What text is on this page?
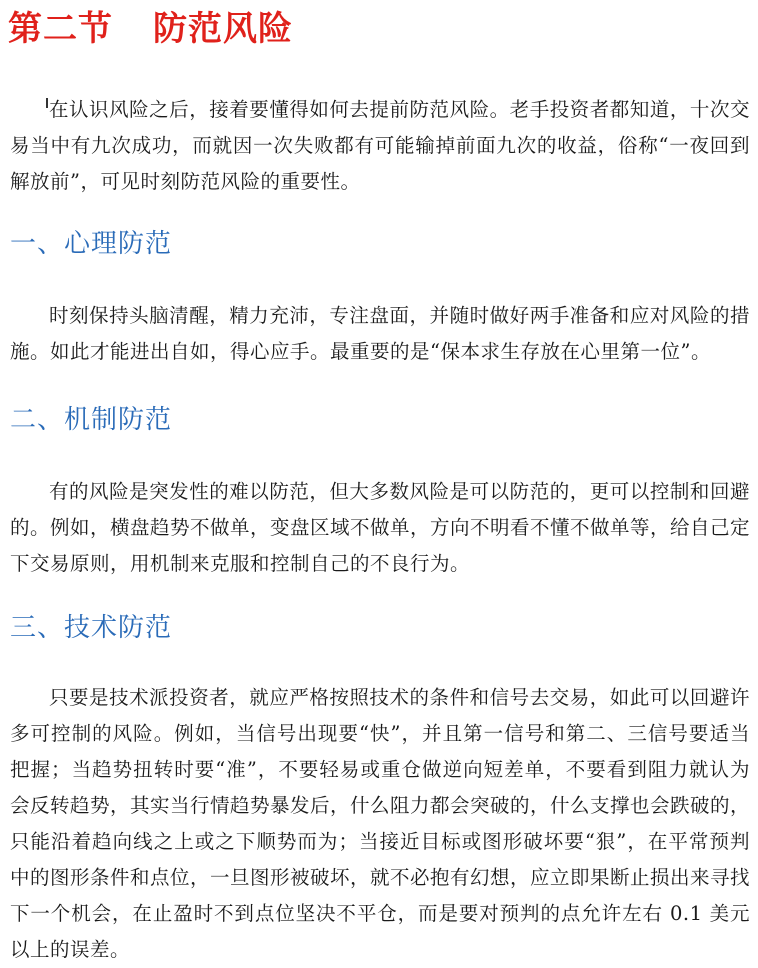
第二节 防范风险

在认识风险之后，接着要懂得如何去提前防范风险。老手投资者都知道，十次交易当中有九次成功，而就因一次失败都有可能输掉前面九次的收益，俗称“一夜回到解放前”，可见时刻防范风险的重要性。

一、心理防范

时刻保持头脑清醒，精力充沛，专注盘面，并随时做好两手准备和应对风险的措施。如此才能进出自如，得心应手。最重要的是“保本求生存放在心里第一位”。

二、机制防范

有的风险是突发性的难以防范，但大多数风险是可以防范的，更可以控制和回避的。例如，横盘趋势不做单，变盘区域不做单，方向不明看不懂不做单等，给自己定下交易原则，用机制来克服和控制自己的不良行为。

三、技术防范

只要是技术派投资者，就应严格按照技术的条件和信号去交易，如此可以回避许多可控制的风险。例如，当信号出现要“快”，并且第一信号和第二、三信号要适当把握；当趋势扭转时要“准”，不要轻易或重仓做逆向短差单，不要看到阻力就认为会反转趋势，其实当行情趋势暴发后，什么阻力都会突破的，什么支撑也会跌破的，只能沿着趋向线之上或之下顺势而为；当接近目标或图形破坏要“狠”，在平常预判中的图形条件和点位，一旦图形被破坏，就不必抱有幻想，应立即果断止损出来寻找下一个机会，在止盈时不到点位坚决不平仓，而是要对预判的点允许左右 0.1 美元以上的误差。
